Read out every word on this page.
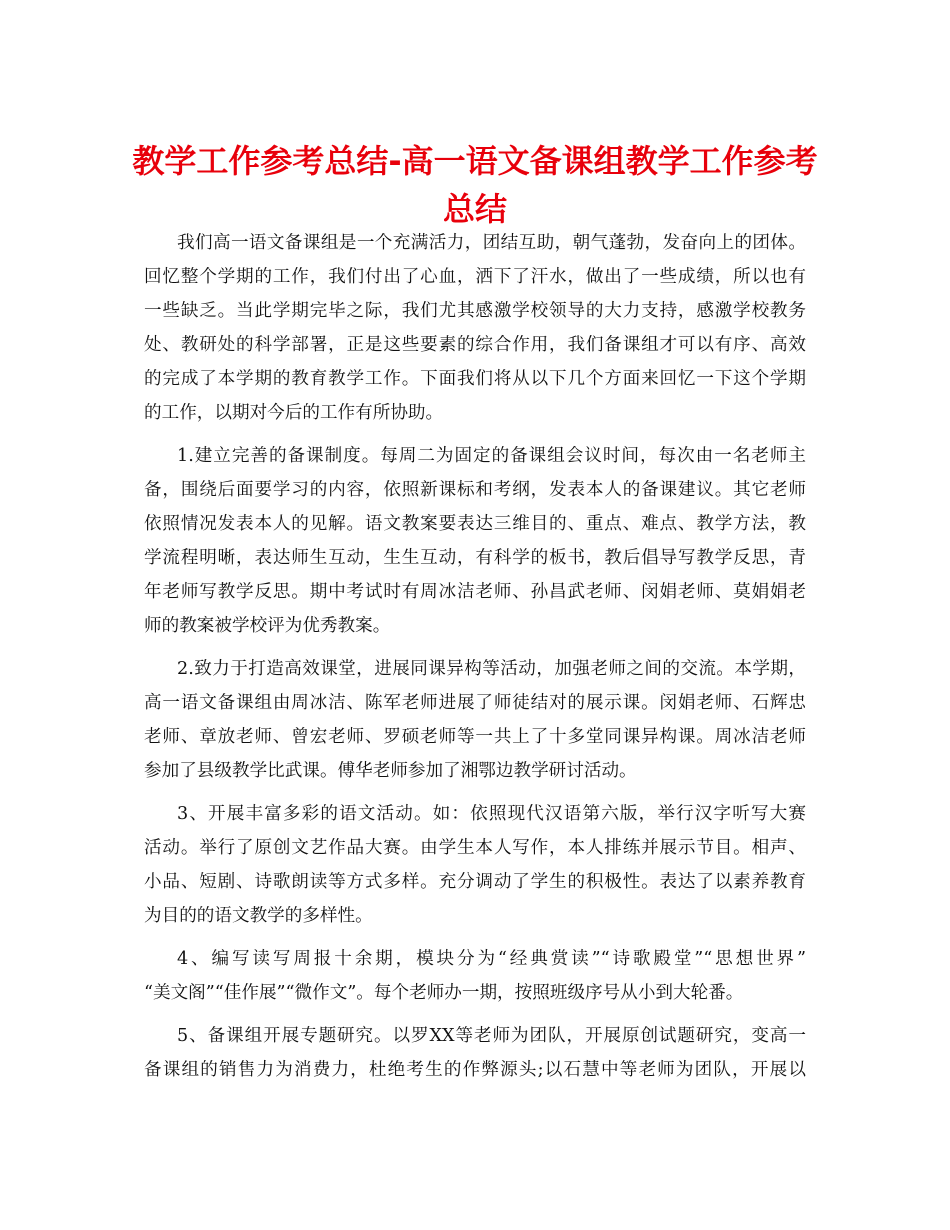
教学工作参考总结-高一语文备课组教学工作参考
总结
我们高一语文备课组是一个充满活力，团结互助，朝气蓬勃，发奋向上的团体。
回忆整个学期的工作，我们付出了心血，洒下了汗水，做出了一些成绩，所以也有
一些缺乏。当此学期完毕之际，我们尤其感激学校领导的大力支持，感激学校教务
处、教研处的科学部署，正是这些要素的综合作用，我们备课组才可以有序、高效
的完成了本学期的教育教学工作。下面我们将从以下几个方面来回忆一下这个学期
的工作，以期对今后的工作有所协助。
1.建立完善的备课制度。每周二为固定的备课组会议时间，每次由一名老师主
备，围绕后面要学习的内容，依照新课标和考纲，发表本人的备课建议。其它老师
依照情况发表本人的见解。语文教案要表达三维目的、重点、难点、教学方法，教
学流程明晰，表达师生互动，生生互动，有科学的板书，教后倡导写教学反思，青
年老师写教学反思。期中考试时有周冰洁老师、孙昌武老师、闵娟老师、莫娟娟老
师的教案被学校评为优秀教案。
2.致力于打造高效课堂，进展同课异构等活动，加强老师之间的交流。本学期，
高一语文备课组由周冰洁、陈军老师进展了师徒结对的展示课。闵娟老师、石辉忠
老师、章放老师、曾宏老师、罗硕老师等一共上了十多堂同课异构课。周冰洁老师
参加了县级教学比武课。傅华老师参加了湘鄂边教学研讨活动。
3、开展丰富多彩的语文活动。如：依照现代汉语第六版，举行汉字听写大赛
活动。举行了原创文艺作品大赛。由学生本人写作，本人排练并展示节目。相声、
小品、短剧、诗歌朗读等方式多样。充分调动了学生的积极性。表达了以素养教育
为目的的语文教学的多样性。
4、编写读写周报十余期，模块分为“经典赏读”“诗歌殿堂”“思想世界”
“美文阁”“佳作展”“微作文”。每个老师办一期，按照班级序号从小到大轮番。
5、备课组开展专题研究。以罗XX等老师为团队，开展原创试题研究，变高一
备课组的销售力为消费力，杜绝考生的作弊源头;以石慧中等老师为团队，开展以
